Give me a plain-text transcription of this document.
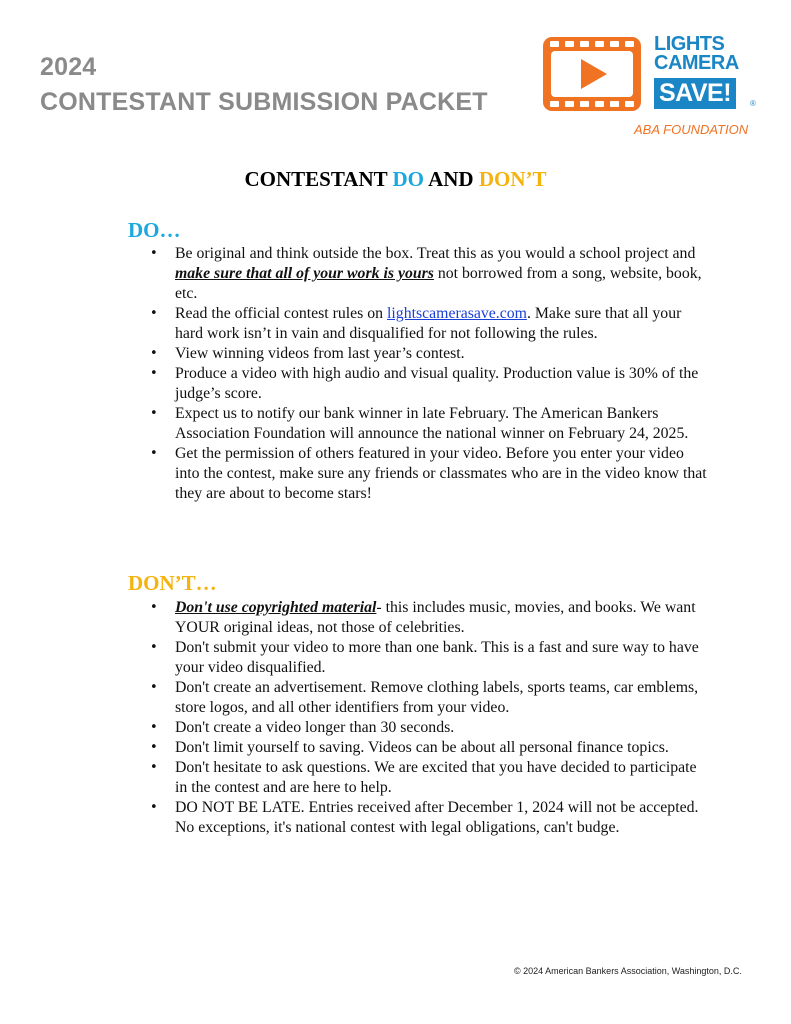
2024
CONTESTANT SUBMISSION PACKET
LIGHTS
CAMERA
SAVE!	®
ABA FOUNDATION
CONTESTANT DO AND DON’T
DO…
• Be original and think outside the box. Treat this as you would a school project and make sure that all of your work is yours not borrowed from a song, website, book, etc.
• Read the official contest rules on lightscamerasave.com. Make sure that all your hard work isn’t in vain and disqualified for not following the rules.
• View winning videos from last year’s contest.
• Produce a video with high audio and visual quality. Production value is 30% of the judge’s score.
• Expect us to notify our bank winner in late February. The American Bankers Association Foundation will announce the national winner on February 24, 2025.
• Get the permission of others featured in your video. Before you enter your video into the contest, make sure any friends or classmates who are in the video know that they are about to become stars!
DON’T…
• Don't use copyrighted material- this includes music, movies, and books. We want YOUR original ideas, not those of celebrities.
• Don't submit your video to more than one bank. This is a fast and sure way to have your video disqualified.
• Don't create an advertisement. Remove clothing labels, sports teams, car emblems, store logos, and all other identifiers from your video.
• Don't create a video longer than 30 seconds.
• Don't limit yourself to saving. Videos can be about all personal finance topics.
• Don't hesitate to ask questions. We are excited that you have decided to participate in the contest and are here to help.
• DO NOT BE LATE. Entries received after December 1, 2024 will not be accepted. No exceptions, it's national contest with legal obligations, can't budge.
© 2024 American Bankers Association, Washington, D.C.
